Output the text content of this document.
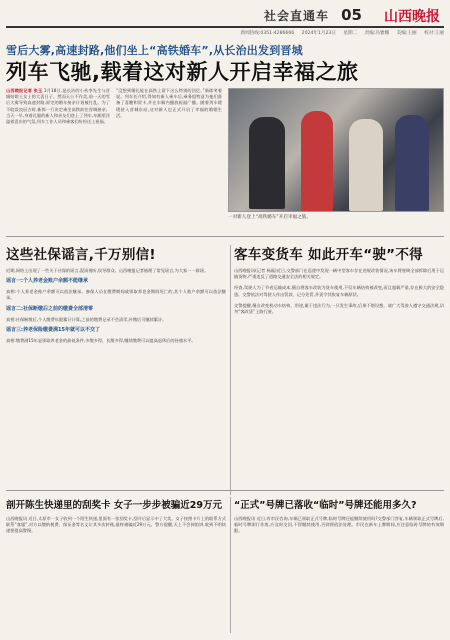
社会直通车 05 山西晚报
新闻热线:0351-4286666 2024年1月23日 星期二 责编:冯雅娜 美编:王丽 校对:王丽
雪后大雾,高速封路,他们坐上“高铁婚车”,从长治出发到晋城
列车飞驰,载着这对新人开启幸福之旅
山西晚报记者 张玉 1月18日,是长治的小伙李先生与晋城姑娘王女士的大喜日子。然而天公不作美,前一天的雪后大雾导致高速封路,原定的婚车接亲计划被打乱。为了不耽误良辰吉时,新郎一行决定乘坐高铁前往晋城接亲。当天一早,身着礼服的新人和亲友们登上了列车,车厢里洋溢着喜庆的气氛,列车工作人员和乘客们纷纷送上祝福。
“没想到婚礼能在高铁上留下这么特别的回忆。”新郎笑着说。列车长介绍,得知有新人乘车后,乘务组特意为他们准备了喜糖和贺卡,并在车厢内播放祝福广播。随着列车缓缓驶入晋城东站,这对新人也正式开启了幸福的婚姻生活。
一对新人登上“高铁婚车”开启幸福之旅。
这些社保谣言,千万别信!
近期,网络上出现了一些关于社保的谣言,混淆视听,误导群众。山西晚报记者梳理了常见谣言,为大家一一辟谣。
谣言一:个人养老金账户余额不能继承
真相:个人养老金账户余额可以依法继承。参保人员在缴费期间或领取养老金期间死亡的,其个人账户余额可以依法继承。
谣言二:社保断缴后之前的缴费全部清零
真相:社保断缴后,个人缴费年限累计计算,之前的缴费记录不会清零,补缴后可继续累计。
谣言三:养老保险缴费满15年就可以不交了
真相:缴费满15年是领取养老金的最低条件,多缴多得、长缴多得,继续缴费可以提高退休后的待遇水平。
客车变货车 如此开车“驶”不得
山西晚报讯(记者 杨磊)近日,交警部门在巡逻中发现一辆中型客车存在违规改装情况,该车将座椅全部拆除后用于运输货物,严重违反了道路交通安全法的相关规定。
经查,驾驶人为了节省运输成本,擅自将客车改装为货车使用,不仅车辆结构被改变,而且超载严重,存在极大的安全隐患。交警依法对驾驶人作出罚款、记分处罚,并责令其恢复车辆原状。
交警提醒,擅自改变机动车结构、用途,属于违法行为,一旦发生事故,后果不堪设想。请广大驾驶人遵守交通法规,切勿“客改货”上路行驶。
剖开陈生快递里的刮奖卡 女子一步步被骗近29万元
山西晚报讯 近日,太原市一女子收到一个陌生快递,里面有一张刮奖卡,刮开后显示中了大奖。女子按照卡片上的联系方式联系“客服”,对方以缴纳税费、保证金等名义让其多次转账,最终被骗近29万元。警方提醒,天上不会掉馅饼,收到不明快递要提高警惕。
“正式”号牌已落收“临时”号牌还能用多久?
山西晚报讯 近日,有市民咨询,车辆已领取正式号牌,临时号牌还能继续使用吗?交警部门答复,车辆领取正式号牌后,临时号牌即行作废,应及时交回,不得继续使用,否则将依法处理。市民在新车上牌期间,应注意临时号牌的有效期限。
